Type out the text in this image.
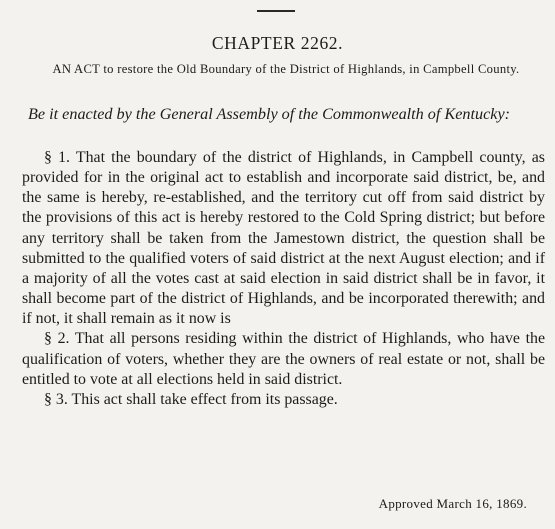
CHAPTER 2262.
AN ACT to restore the Old Boundary of the District of Highlands, in Campbell County.
Be it enacted by the General Assembly of the Commonwealth of Kentucky:

§ 1. That the boundary of the district of Highlands, in Campbell county, as provided for in the original act to establish and incorporate said district, be, and the same is hereby, re-established, and the territory cut off from said district by the provisions of this act is hereby restored to the Cold Spring district; but before any territory shall be taken from the Jamestown district, the question shall be submitted to the qualified voters of said district at the next August election; and if a majority of all the votes cast at said election in said district shall be in favor, it shall become part of the district of Highlands, and be incorporated therewith; and if not, it shall remain as it now is

§ 2. That all persons residing within the district of Highlands, who have the qualification of voters, whether they are the owners of real estate or not, shall be entitled to vote at all elections held in said district.

§ 3. This act shall take effect from its passage.

Approved March 16, 1869.
